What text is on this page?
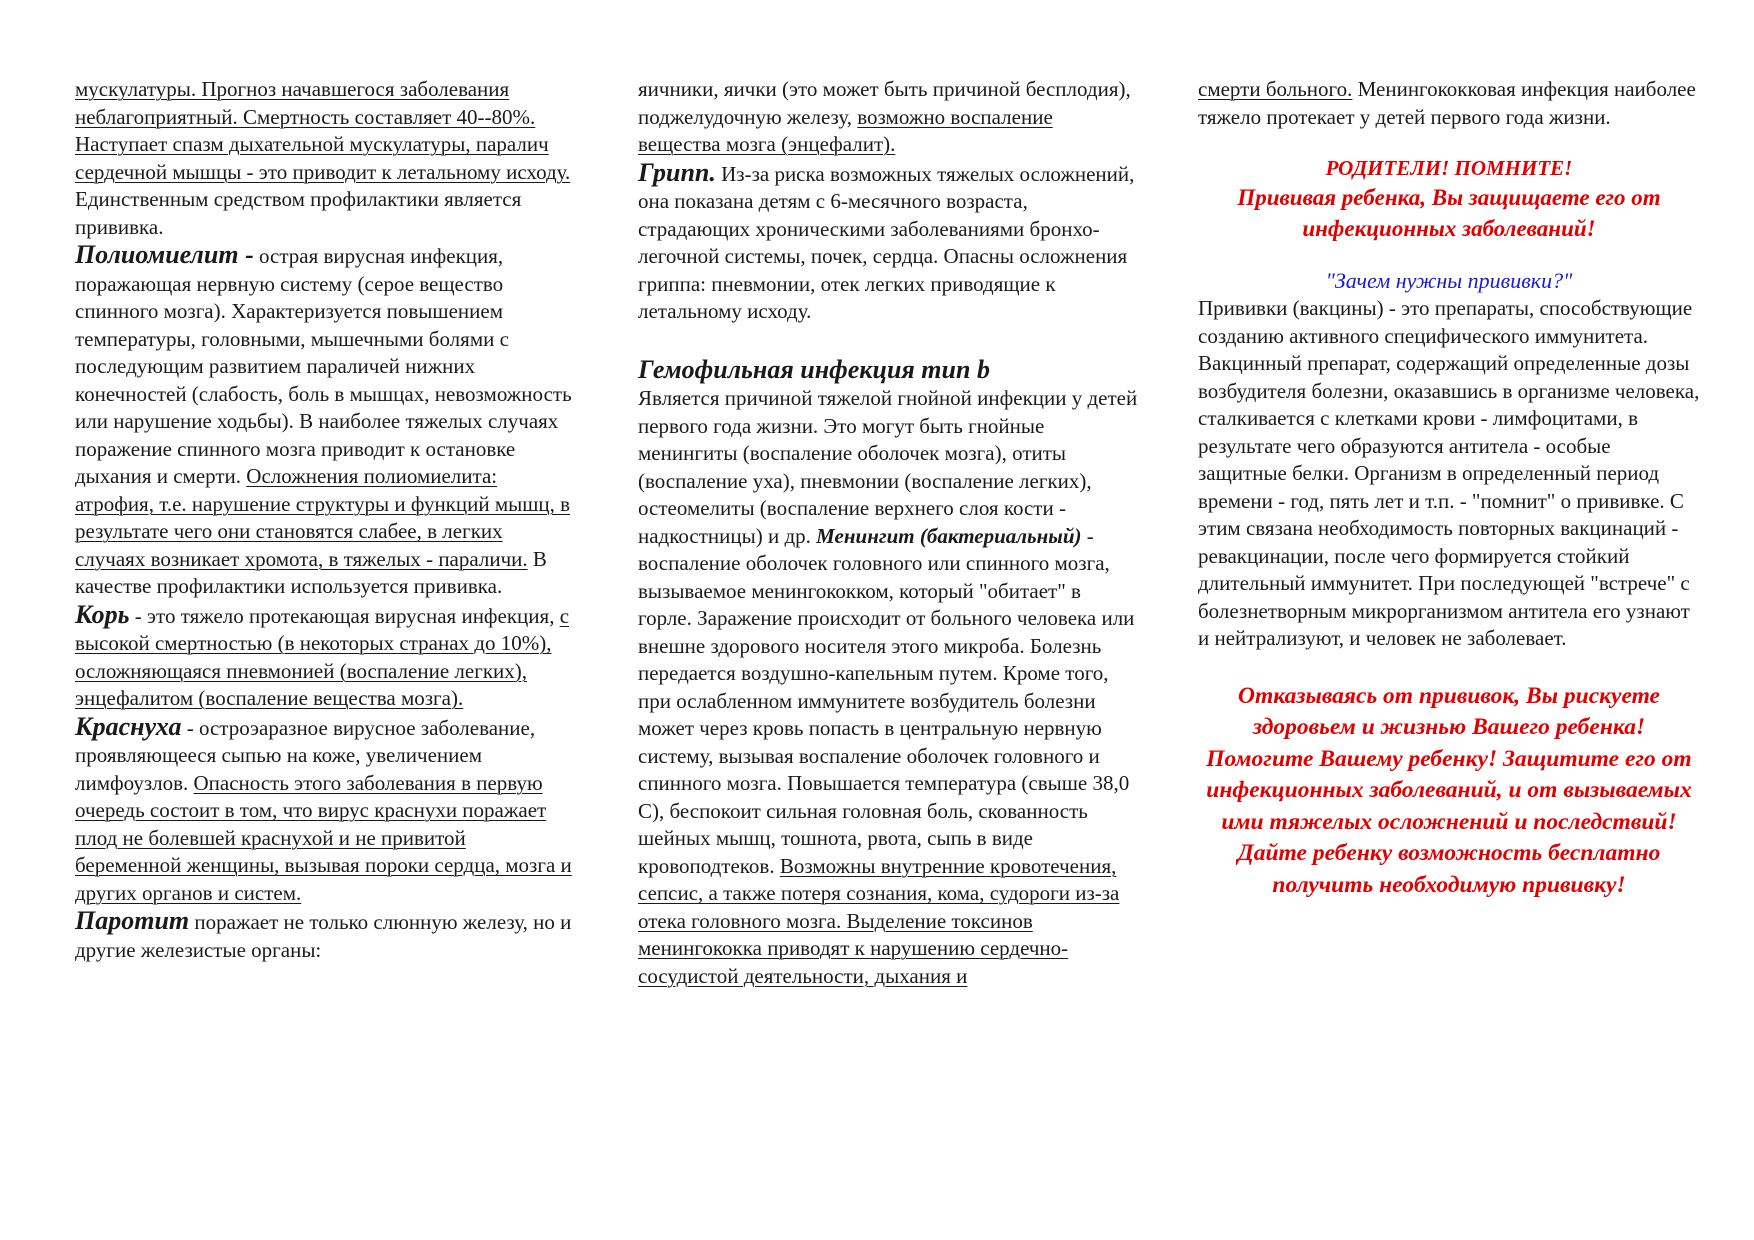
мускулатуры. Прогноз начавшегося заболевания неблагоприятный. Смертность составляет 40--80%. Наступает спазм дыхательной мускулатуры, паралич сердечной мышцы - это приводит к летальному исходу. Единственным средством профилактики является прививка.

Полиомиелит - острая вирусная инфекция, поражающая нервную систему (серое вещество спинного мозга). Характеризуется повышением температуры, головными, мышечными болями с последующим развитием параличей нижних конечностей (слабость, боль в мышцах, невозможность или нарушение ходьбы). В наиболее тяжелых случаях поражение спинного мозга приводит к остановке дыхания и смерти. Осложнения полиомиелита: атрофия, т.е. нарушение структуры и функций мышц, в результате чего они становятся слабее, в легких случаях возникает хромота, в тяжелых - параличи. В качестве профилактики используется прививка.

Корь - это тяжело протекающая вирусная инфекция, с высокой смертностью (в некоторых странах до 10%), осложняющаяся пневмонией (воспаление легких), энцефалитом (воспаление вещества мозга).

Краснуха - остроэаразное вирусное заболевание, проявляющееся сыпью на коже, увеличением лимфоузлов. Опасность этого заболевания в первую очередь состоит в том, что вирус краснухи поражает плод не болевшей краснухой и не привитой беременной женщины, вызывая пороки сердца, мозга и других органов и систем.

Паротит поражает не только слюнную железу, но и другие железистые органы:

яичники, яички (это может быть причиной бесплодия), поджелудочную железу, возможно воспаление вещества мозга (энцефалит).

Грипп. Из-за риска возможных тяжелых осложнений, она показана детям с 6-месячного возраста, страдающих хроническими заболеваниями бронхо-легочной системы, почек, сердца. Опасны осложнения гриппа: пневмонии, отек легких приводящие к летальному исходу.

Гемофильная инфекция тип b

Является причиной тяжелой гнойной инфекции у детей первого года жизни. Это могут быть гнойные менингиты (воспаление оболочек мозга), отиты (воспаление уха), пневмонии (воспаление легких), остеомелиты (воспаление верхнего слоя кости - надкостницы) и др. Менингит (бактериальный) - воспаление оболочек головного или спинного мозга, вызываемое менингококком, который "обитает" в горле. Заражение происходит от больного человека или внешне здорового носителя этого микроба. Болезнь передается воздушно-капельным путем. Кроме того, при ослабленном иммунитете возбудитель болезни может через кровь попасть в центральную нервную систему, вызывая воспаление оболочек головного и спинного мозга. Повышается температура (свыше 38,0 С), беспокоит сильная головная боль, скованность шейных мышц, тошнота, рвота, сыпь в виде кровоподтеков. Возможны внутренние кровотечения, сепсис, а также потеря сознания, кома, судороги из-за отека головного мозга. Выделение токсинов менингококка приводят к нарушению сердечно-сосудистой деятельности, дыхания и

смерти больного. Менингококковая инфекция наиболее тяжело протекает у детей первого года жизни.

РОДИТЕЛИ! ПОМНИТЕ!

Прививая ребенка, Вы защищаете его от инфекционных заболеваний!

"Зачем нужны прививки?"

Прививки (вакцины) - это препараты, способствующие созданию активного специфического иммунитета. Вакцинный препарат, содержащий определенные дозы возбудителя болезни, оказавшись в организме человека, сталкивается с клетками крови - лимфоцитами, в результате чего образуются антитела - особые защитные белки. Организм в определенный период времени - год, пять лет и т.п. - "помнит" о прививке. С этим связана необходимость повторных вакцинаций - ревакцинации, после чего формируется стойкий длительный иммунитет. При последующей "встрече" с болезнетворным микрорганизмом антитела его узнают и нейтрализуют, и человек не заболевает.

Отказываясь от прививок, Вы рискуете здоровьем и жизнью Вашего ребенка! Помогите Вашему ребенку! Защитите его от инфекционных заболеваний, и от вызываемых ими тяжелых осложнений и последствий! Дайте ребенку возможность бесплатно получить необходимую прививку!
